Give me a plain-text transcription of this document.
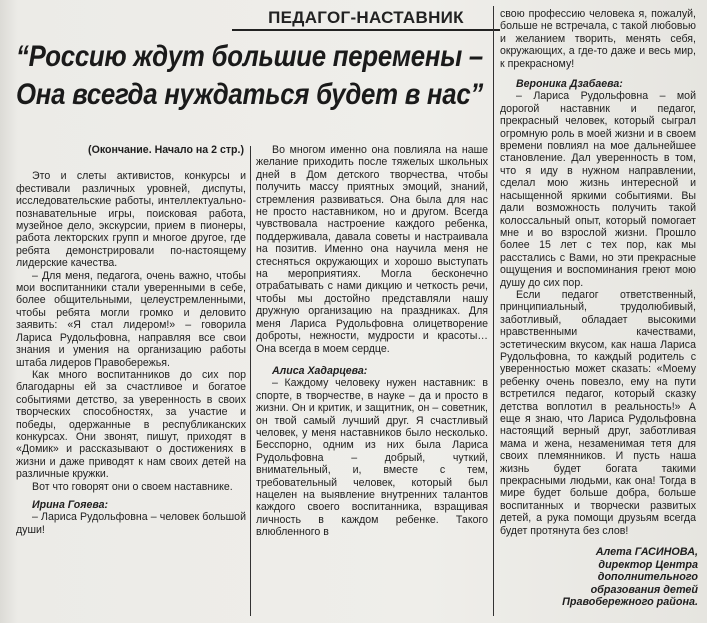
ПЕДАГОГ-НАСТАВНИК
“Россию ждут большие перемены –
Она всегда нуждаться будет в нас”

(Окончание. Начало на 2 стр.)

Это и слеты активистов, конкурсы и фестивали различных уровней, диспуты, исследовательские работы, интеллектуально-познавательные игры, поисковая работа, музейное дело, экскурсии, прием в пионеры, работа лекторских групп и многое другое, где ребята демонстрировали по-настоящему лидерские качества.

– Для меня, педагога, очень важно, чтобы мои воспитанники стали уверенными в себе, более общительными, целеустремленными, чтобы ребята могли громко и деловито заявить: «Я стал лидером!» – говорила Лариса Рудольфовна, направляя все свои знания и умения на организацию работы штаба лидеров Правобережья.

Как много воспитанников до сих пор благодарны ей за счастливое и богатое событиями детство, за уверенность в своих творческих способностях, за участие и победы, одержанные в республиканских конкурсах. Они звонят, пишут, приходят в «Домик» и рассказывают о достижениях в жизни и даже приводят к нам своих детей на различные кружки.

Вот что говорят они о своем наставнике.

Ирина Гояева:

– Лариса Рудольфовна – человек большой души!

Во многом именно она повлияла на наше желание приходить после тяжелых школьных дней в Дом детского творчества, чтобы получить массу приятных эмоций, знаний, стремления развиваться. Она была для нас не просто наставником, но и другом. Всегда чувствовала настроение каждого ребенка, поддерживала, давала советы и настраивала на позитив. Именно она научила меня не стесняться окружающих и хорошо выступать на мероприятиях. Могла бесконечно отрабатывать с нами дикцию и четкость речи, чтобы мы достойно представляли нашу дружную организацию на праздниках. Для меня Лариса Рудольфовна олицетворение доброты, нежности, мудрости и красоты… Она всегда в моем сердце.

Алиса Хадарцева:

– Каждому человеку нужен наставник: в спорте, в творчестве, в науке – да и просто в жизни. Он и критик, и защитник, он – советник, он твой самый лучший друг. Я счастливый человек, у меня наставников было несколько. Бесспорно, одним из них была Лариса Рудольфовна – добрый, чуткий, внимательный, и, вместе с тем, требовательный человек, который был нацелен на выявление внутренних талантов каждого своего воспитанника, взращивая личность в каждом ребенке. Такого влюбленного в

свою профессию человека я, пожалуй, больше не встречала, с такой любовью и желанием творить, менять себя, окружающих, а где-то даже и весь мир, к прекрасному!

Вероника Дзабаева:

– Лариса Рудольфовна – мой дорогой наставник и педагог, прекрасный человек, который сыграл огромную роль в моей жизни и в своем времени повлиял на мое дальнейшее становление. Дал уверенность в том, что я иду в нужном направлении, сделал мою жизнь интересной и насыщенной яркими событиями. Вы дали возможность получить такой колоссальный опыт, который помогает мне и во взрослой жизни. Прошло более 15 лет с тех пор, как мы расстались с Вами, но эти прекрасные ощущения и воспоминания греют мою душу до сих пор.

Если педагог ответственный, принципиальный, трудолюбивый, заботливый, обладает высокими нравственными качествами, эстетическим вкусом, как наша Лариса Рудольфовна, то каждый родитель с уверенностью может сказать: «Моему ребенку очень повезло, ему на пути встретился педагог, который сказку детства воплотил в реальность!» А еще я знаю, что Лариса Рудольфовна настоящий верный друг, заботливая мама и жена, незаменимая тетя для своих племянников. И пусть наша жизнь будет богата такими прекрасными людьми, как она! Тогда в мире будет больше добра, больше воспитанных и творчески развитых детей, а рука помощи друзьям всегда будет протянута без слов!

Алета ГАСИНОВА,
директор Центра
дополнительного
образования детей
Правобережного района.
